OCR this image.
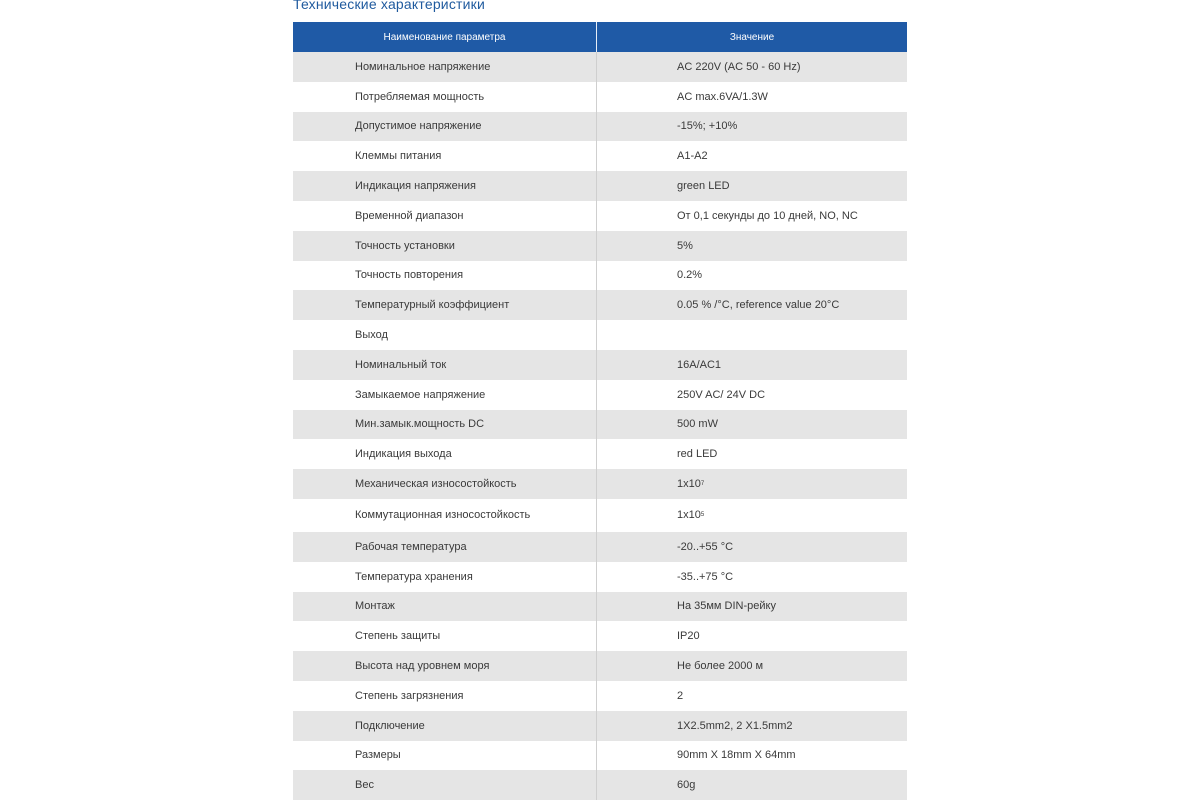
Технические характеристики
Наименование параметра	Значение
Номинальное напряжение	AC 220V (AC 50 - 60 Hz)
Потребляемая мощность	AC max.6VA/1.3W
Допустимое напряжение	-15%; +10%
Клеммы питания	A1-A2
Индикация напряжения	green LED
Временной диапазон	От 0,1 секунды до 10 дней, NO, NC
Точность установки	5%
Точность повторения	0.2%
Температурный коэффициент	0.05 % /°C, reference value 20°C
Выход
Номинальный ток	16A/AC1
Замыкаемое напряжение	250V AC/ 24V DC
Мин.замык.мощность DC	500 mW
Индикация выхода	red LED
Механическая износостойкость	1x10 7
Коммутационная износостойкость	1x10 5
Рабочая температура	-20..+55 °C
Температура хранения	-35..+75 °C
Монтаж	На 35мм DIN-рейку
Степень защиты	IP20
Высота над уровнем моря	Не более 2000 м
Степень загрязнения	2
Подключение	1X2.5mm2, 2 X1.5mm2
Размеры	90mm X 18mm X 64mm
Вес	60g
